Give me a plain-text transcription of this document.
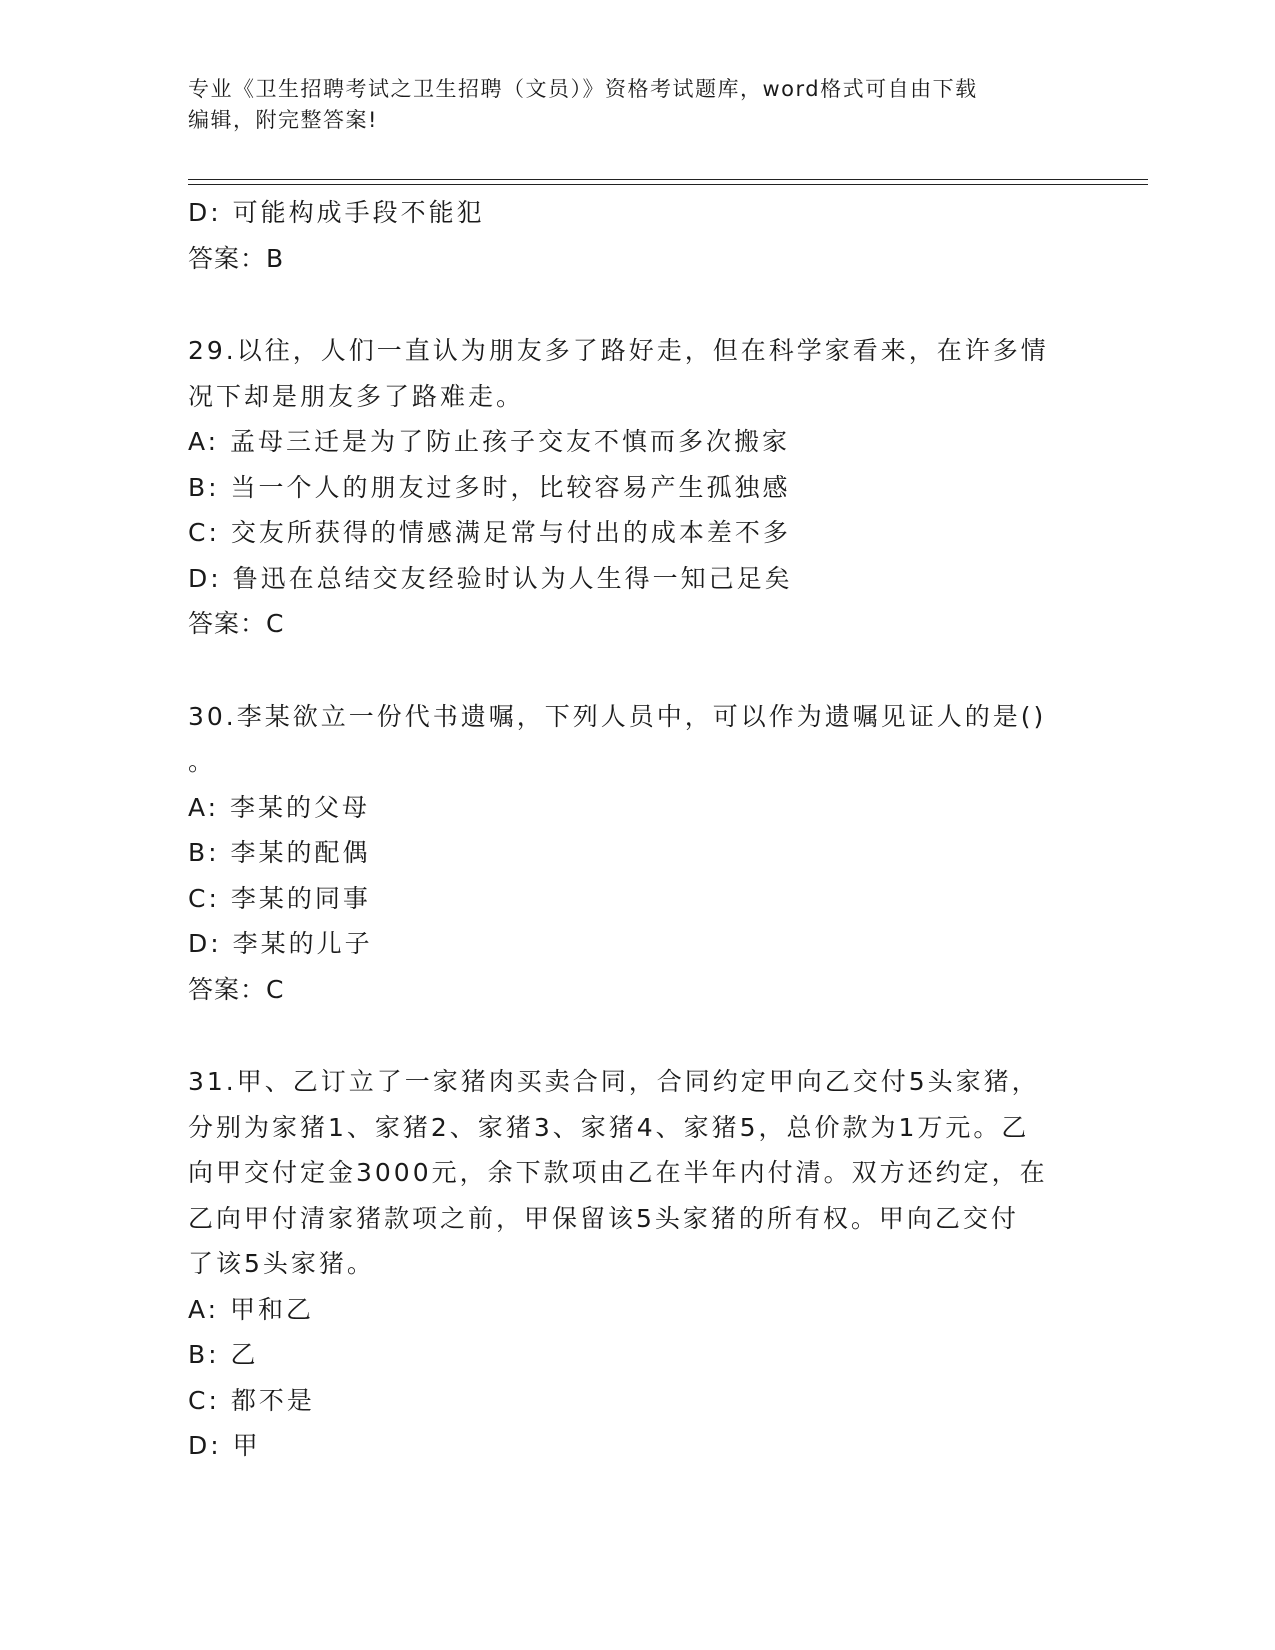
专业《卫生招聘考试之卫生招聘（文员）》资格考试题库，word格式可自由下载
编辑，附完整答案!
D: 可能构成手段不能犯
答案：B
29.以往，人们一直认为朋友多了路好走，但在科学家看来，在许多情
况下却是朋友多了路难走。
A: 孟母三迁是为了防止孩子交友不慎而多次搬家
B: 当一个人的朋友过多时，比较容易产生孤独感
C: 交友所获得的情感满足常与付出的成本差不多
D: 鲁迅在总结交友经验时认为人生得一知己足矣
答案：C
30.李某欲立一份代书遗嘱，下列人员中，可以作为遗嘱见证人的是()
。
A: 李某的父母
B: 李某的配偶
C: 李某的同事
D: 李某的儿子
答案：C
31.甲、乙订立了一家猪肉买卖合同，合同约定甲向乙交付5头家猪，
分别为家猪1、家猪2、家猪3、家猪4、家猪5，总价款为1万元。乙
向甲交付定金3000元，余下款项由乙在半年内付清。双方还约定，在
乙向甲付清家猪款项之前，甲保留该5头家猪的所有权。甲向乙交付
了该5头家猪。
A: 甲和乙
B: 乙
C: 都不是
D: 甲
